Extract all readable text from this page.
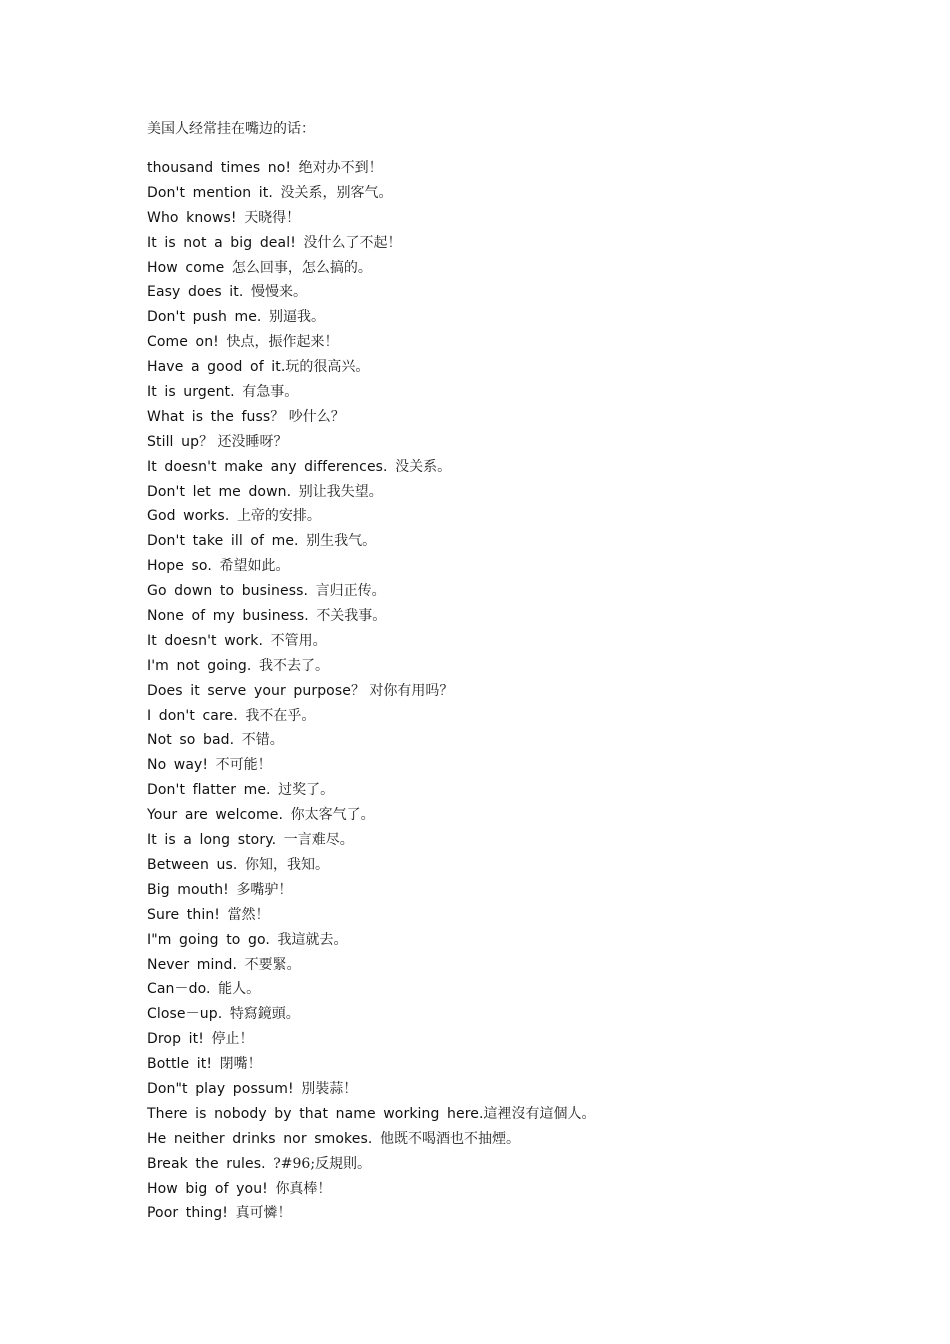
美国人经常挂在嘴边的话：
thousand times no! 绝对办不到！
Don't mention it. 没关系，别客气。
Who knows! 天晓得！
It is not a big deal! 没什么了不起！
How come 怎么回事，怎么搞的。
Easy does it. 慢慢来。
Don't push me. 别逼我。
Come on! 快点，振作起来！
Have a good of it.玩的很高兴。
It is urgent. 有急事。
What is the fuss？ 吵什么？
Still up？ 还没睡呀？
It doesn't make any differences. 没关系。
Don't let me down. 别让我失望。
God works. 上帝的安排。
Don't take ill of me. 别生我气。
Hope so. 希望如此。
Go down to business. 言归正传。
None of my business. 不关我事。
It doesn't work. 不管用。
I'm not going. 我不去了。
Does it serve your purpose？ 对你有用吗？
I don't care. 我不在乎。
Not so bad. 不错。
No way! 不可能！
Don't flatter me. 过奖了。
Your are welcome. 你太客气了。
It is a long story. 一言难尽。
Between us. 你知，我知。
Big mouth! 多嘴驴！
Sure thin! 當然！
I"m going to go. 我這就去。
Never mind. 不要緊。
Can－do. 能人。
Close－up. 特寫鏡頭。
Drop it! 停止！
Bottle it! 閉嘴！
Don"t play possum! 別裝蒜！
There is nobody by that name working here.這裡沒有這個人。
He neither drinks nor smokes. 他既不喝酒也不抽煙。
Break the rules. ?#96;反規則。
How big of you! 你真棒！
Poor thing! 真可憐！
